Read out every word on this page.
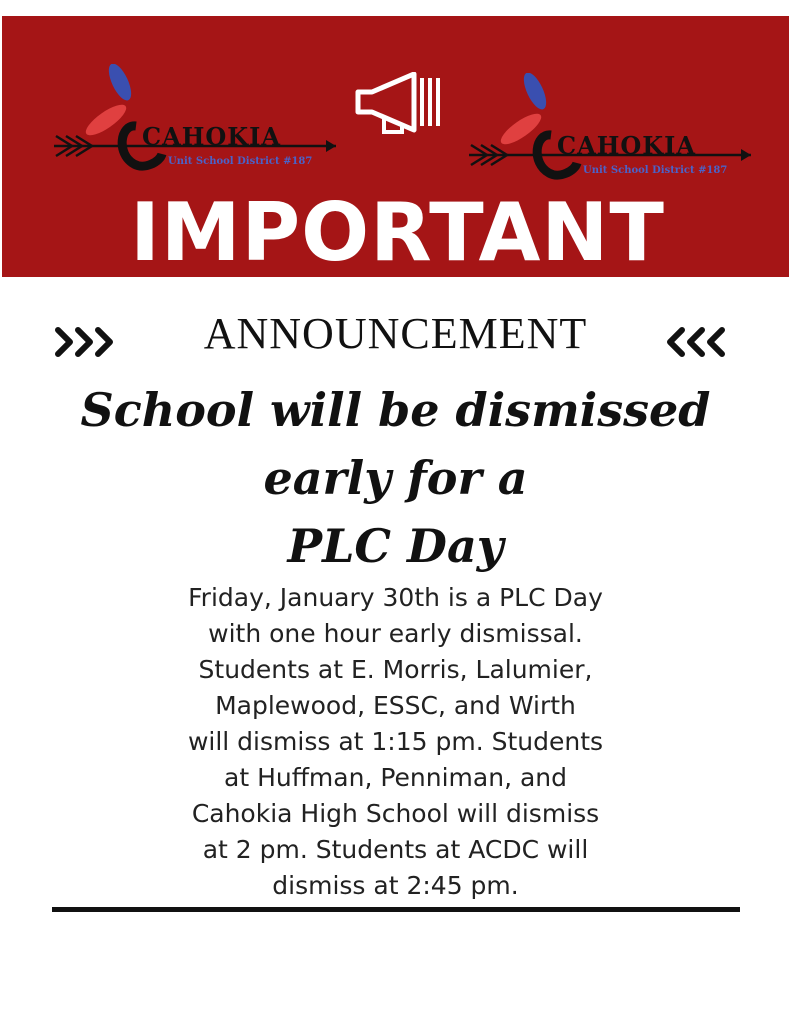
CAHOKIA
Unit School District #187
CAHOKIA
Unit School District #187
IMPORTANT
ANNOUNCEMENT
School will be dismissed
early for a
PLC Day
Friday, January 30th is a PLC Day
with one hour early dismissal.
Students at E. Morris, Lalumier,
Maplewood, ESSC, and Wirth
will dismiss at 1:15 pm. Students
at Huffman, Penniman, and
Cahokia High School will dismiss
at 2 pm. Students at ACDC will
dismiss at 2:45 pm.
